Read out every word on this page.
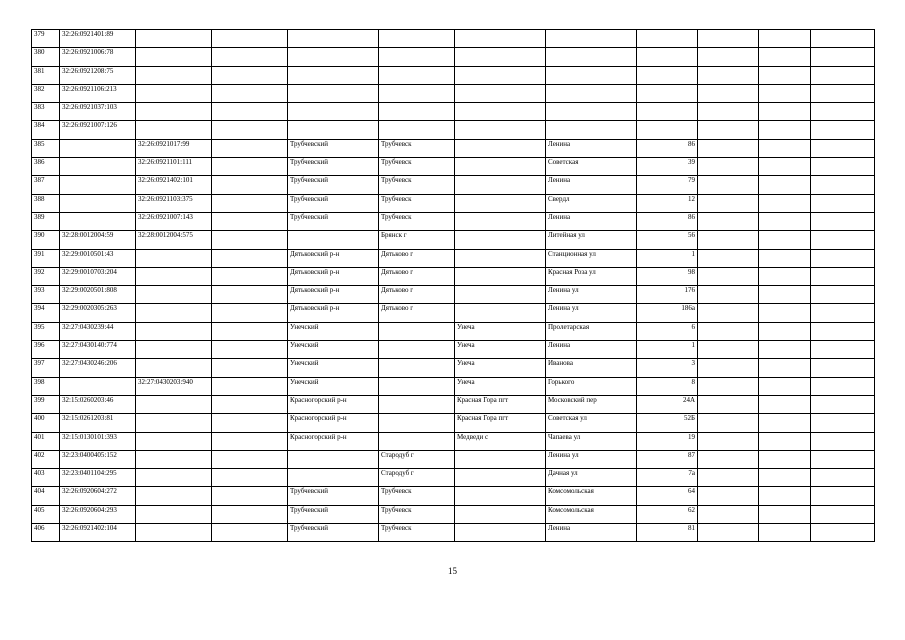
379	32:26:0921401:89										
380	32:26:0921006:78										
381	32:26:0921208:75										
382	32:26:0921106:213										
383	32:26:0921037:103										
384	32:26:0921007:126										
385		32:26:0921017:99		Трубчевский	Трубчевск		Ленина	86			
386		32:26:0921101:111		Трубчевский	Трубчевск		Советская	39			
387		32:26:0921402:101		Трубчевский	Трубчевск		Ленина	79			
388		32:26:0921103:375		Трубчевский	Трубчевск		Свердл	12			
389		32:26:0921007:143		Трубчевский	Трубчевск		Ленина	86			
390	32:28:0012004:59	32:28:0012004:575			Брянск г		Литейная ул	56			
391	32:29:0010501:43			Дятьковский р-н	Дятьково г		Станционная ул	1			
392	32:29:0010703:204			Дятьковский р-н	Дятьково г		Красная Роза ул	98			
393	32:29:0020501:808			Дятьковский р-н	Дятьково г		Ленина ул	176			
394	32:29:0020305:263			Дятьковский р-н	Дятьково г		Ленина ул	186а			
395	32:27:0430239:44			Унечский		Унеча	Пролетарская	6			
396	32:27:0430140:774			Унечский		Унеча	Ленина	1			
397	32:27:0430246:206			Унечский		Унеча	Иванова	3			
398		32:27:0430203:940		Унечский		Унеча	Горького	8			
399	32:15:0260203:46			Красногорский р-н		Красная Гора пгт	Московский пер	24А			
400	32:15:0261203:81			Красногорский р-н		Красная Гора пгт	Советская ул	52Б			
401	32:15:0130101:393			Красногорский р-н		Медведи с	Чапаева ул	19			
402	32:23:0400405:152				Стародуб г		Ленина ул	87			
403	32:23:0401104:295				Стародуб г		Дачная ул	7а			
404	32:26:0920604:272			Трубчевский	Трубчевск		Комсомольская	64			
405	32:26:0920604:293			Трубчевский	Трубчевск		Комсомольская	62			
406	32:26:0921402:104			Трубчевский	Трубчевск		Ленина	81			
15
